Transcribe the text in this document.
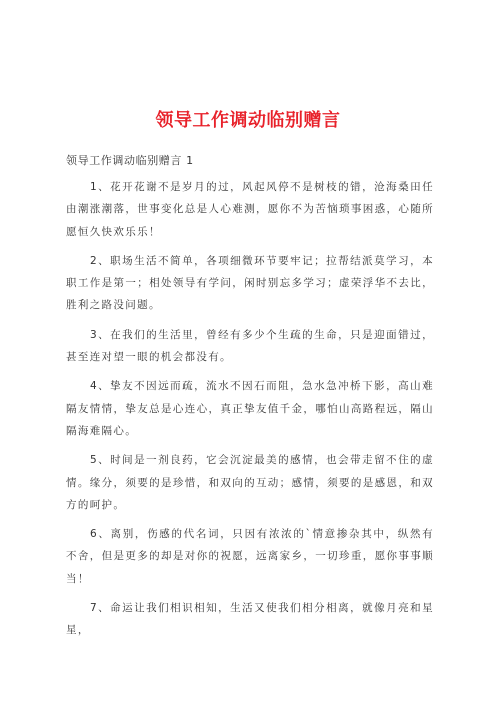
领导工作调动临别赠言
领导工作调动临别赠言 1

1、花开花谢不是岁月的过，风起风停不是树枝的错，沧海桑田任由潮涨潮落，世事变化总是人心难测，愿你不为苦恼琐事困惑，心随所愿恒久快欢乐乐！

2、职场生活不简单，各项细微环节要牢记；拉帮结派莫学习，本职工作是第一；相处领导有学问，闲时别忘多学习；虚荣浮华不去比，胜利之路没问题。

3、在我们的生活里，曾经有多少个生疏的生命，只是迎面错过，甚至连对望一眼的机会都没有。

4、挚友不因远而疏，流水不因石而阻，急水急冲桥下影，高山难隔友情情，挚友总是心连心，真正挚友值千金，哪怕山高路程远，隔山隔海难隔心。

5、时间是一剂良药，它会沉淀最美的感情，也会带走留不住的虚情。缘分，须要的是珍惜，和双向的互动；感情，须要的是感恩，和双方的呵护。

6、离别，伤感的代名词，只因有浓浓的`情意掺杂其中，纵然有不舍，但是更多的却是对你的祝愿，远离家乡，一切珍重，愿你事事顺当！

7、命运让我们相识相知，生活又使我们相分相离，就像月亮和星星，
